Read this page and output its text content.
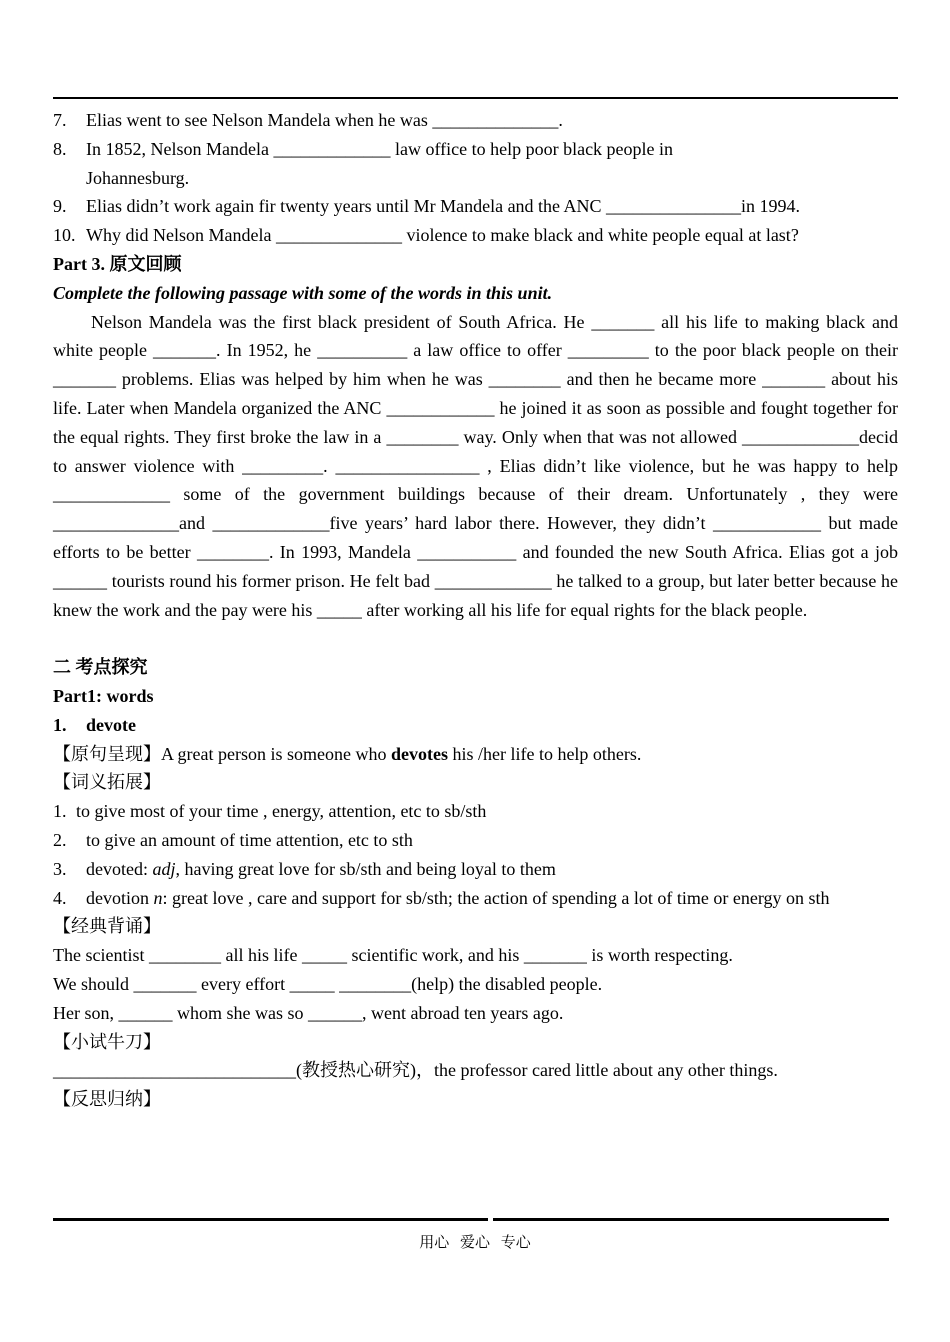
7.	Elias went to see Nelson Mandela when he was ______________.
8.	In 1852, Nelson Mandela _____________ law office to help poor black people in Johannesburg.
9.	Elias didn’t work again fir twenty years until Mr Mandela and the ANC _______________in 1994.
10. Why did Nelson Mandela ______________ violence to make black and white people equal at last?
Part 3. 原文回顾
Complete the following passage with some of the words in this unit.

Nelson Mandela was the first black president of South Africa. He _______ all his life to making black and white people _______. In 1952, he __________ a law office to offer _________ to the poor black people on their _______ problems. Elias was helped by him when he was ________ and then he became more _______ about his life. Later when Mandela organized the ANC ____________ he joined it as soon as possible and fought together for the equal rights. They first broke the law in a ________ way. Only when that was not allowed _____________decid to answer violence with _________. ________________ , Elias didn’t like violence, but he was happy to help _____________ some of the government buildings because of their dream. Unfortunately , they were ______________and _____________five years’ hard labor there. However, they didn’t ____________ but made efforts to be better ________. In 1993, Mandela ___________ and founded the new South Africa. Elias got a job ______ tourists round his former prison. He felt bad _____________ he talked to a group, but later better because he knew the work and the pay were his _____ after working all his life for equal rights for the black people.

二 考点探究
Part1: words
1.	devote
【原句呈现】A great person is someone who devotes his /her life to help others.
【词义拓展】
1. to give most of your time , energy, attention, etc to sb/sth
2.	to give an amount of time attention, etc to sth
3.	devoted: adj, having great love for sb/sth and being loyal to them
4.	devotion n: great love , care and support for sb/sth; the action of spending a lot of time or energy on sth
【经典背诵】
The scientist ________ all his life _____ scientific work, and his _______ is worth respecting.
We should _______ every effort _____ ________(help) the disabled people.
Her son, ______ whom she was so ______, went abroad ten years ago.
【小试牛刀】
___________________________(教授热心研究)，the professor cared little about any other things.
【反思归纳】
用心 爱心 专心
